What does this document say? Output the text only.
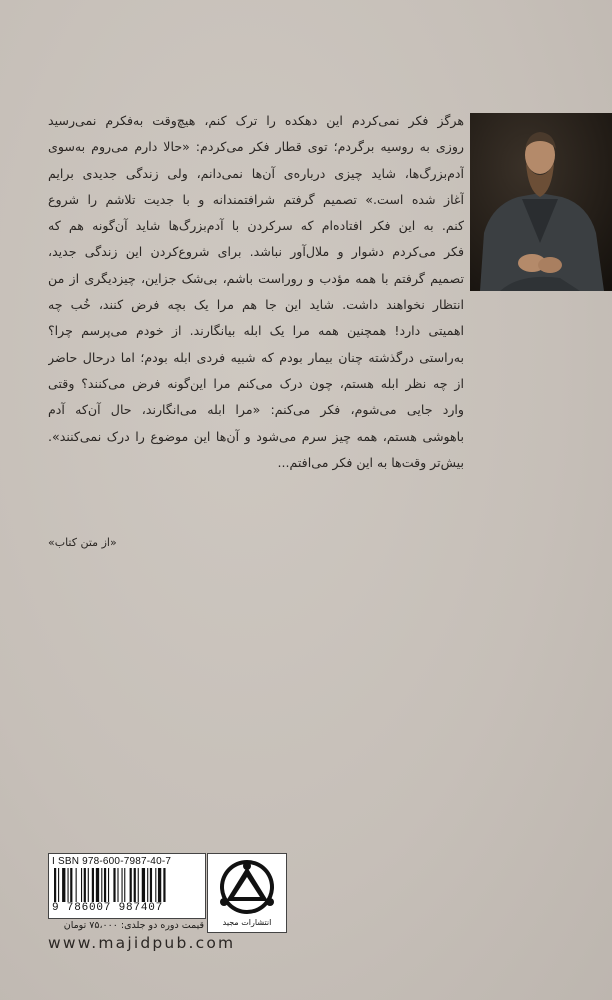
هرگز فکر نمی‌کردم این دهکده را ترک کنم، هیچ‌وقت به‌فکرم نمی‌رسید
روزی به روسیه برگردم؛ توی قطار فکر می‌کردم: «حالا دارم می‌روم به‌سوی
آدم‌بزرگ‌ها، شاید چیزی درباره‌ی آن‌ها نمی‌دانم، ولی زندگی جدیدی برایم
آغاز شده است.» تصمیم گرفتم شرافتمندانه و با جدیت تلاشم را شروع
کنم. به این فکر افتاده‌ام که سرکردن با آدم‌بزرگ‌ها شاید آن‌گونه هم که
فکر می‌کردم دشوار و ملال‌آور نباشد. برای شروع‌کردن این زندگی جدید،
تصمیم گرفتم با همه مؤدب و رو‌راست باشم، بی‌شک جزاین، چیزدیگری از من
انتظار نخواهند داشت. شاید این جا هم مرا یک بچه فرض کنند، خُب چه
اهمیتی دارد! همچنین همه مرا یک ابله بیانگارند. از خودم می‌پرسم چرا؟
به‌راستی درگذشته چنان بیمار بودم که شبیه فردی ابله بودم؛ اما درحال حاضر
از چه نظر ابله هستم، چون درک می‌کنم مرا این‌گونه فرض می‌کنند؟ وقتی
وارد جایی می‌شوم، فکر می‌کنم: «مرا ابله می‌انگارند، حال آن‌که آدم
باهوشی هستم، همه چیز سرم می‌شود و آن‌ها این موضوع را درک نمی‌کنند».
بیش‌تر وقت‌ها به این فکر می‌افتم...
«از متن کتاب»
I SBN 978-600-7987-40-7
9 786007 987407
انتشارات مجید
قیمت دوره دو جلدی: ۷۵،۰۰۰ تومان
www.majidpub.com
